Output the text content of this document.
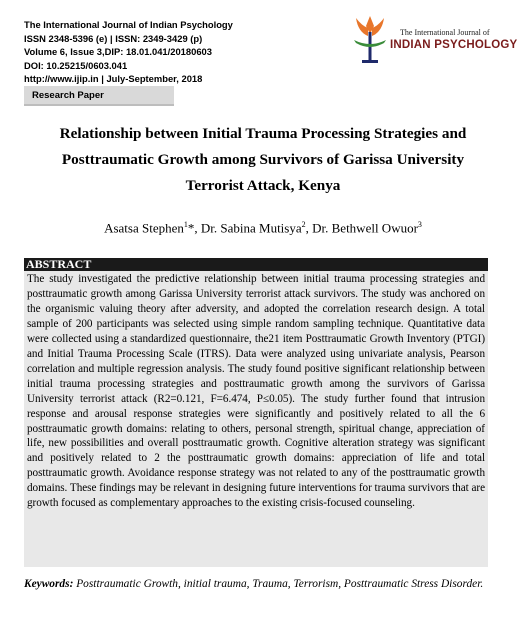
The International Journal of Indian Psychology
ISSN 2348-5396 (e) | ISSN: 2349-3429 (p)
Volume 6, Issue 3,DIP: 18.01.041/20180603
DOI: 10.25215/0603.041
http://www.ijip.in | July-September, 2018
Research Paper
The International Journal of
INDIAN PSYCHOLOGY
Relationship between Initial Trauma Processing Strategies and
Posttraumatic Growth among Survivors of Garissa University
Terrorist Attack, Kenya
Asatsa Stephen$^1$*, Dr. Sabina Mutisya$^2$, Dr. Bethwell Owuor$^3$
ABSTRACT
The study investigated the predictive relationship between initial trauma processing strategies and posttraumatic growth among Garissa University terrorist attack survivors. The study was anchored on the organismic valuing theory after adversity, and adopted the correlation research design. A total sample of 200 participants was selected using simple random sampling technique. Quantitative data were collected using a standardized questionnaire, the21 item Posttraumatic Growth Inventory (PTGI) and Initial Trauma Processing Scale (ITRS). Data were analyzed using univariate analysis, Pearson correlation and multiple regression analysis. The study found positive significant relationship between initial trauma processing strategies and posttraumatic growth among the survivors of Garissa University terrorist attack (R2=0.121, F=6.474, P≤0.05). The study further found that intrusion response and arousal response strategies were significantly and positively related to all the 6 posttraumatic growth domains: relating to others, personal strength, spiritual change, appreciation of life, new possibilities and overall posttraumatic growth. Cognitive alteration strategy was significant and positively related to 2 the posttraumatic growth domains: appreciation of life and total posttraumatic growth. Avoidance response strategy was not related to any of the posttraumatic growth domains. These findings may be relevant in designing future interventions for trauma survivors that are growth focused as complementary approaches to the existing crisis-focused counseling.
Keywords: Posttraumatic Growth, initial trauma, Trauma, Terrorism, Posttraumatic Stress Disorder.
